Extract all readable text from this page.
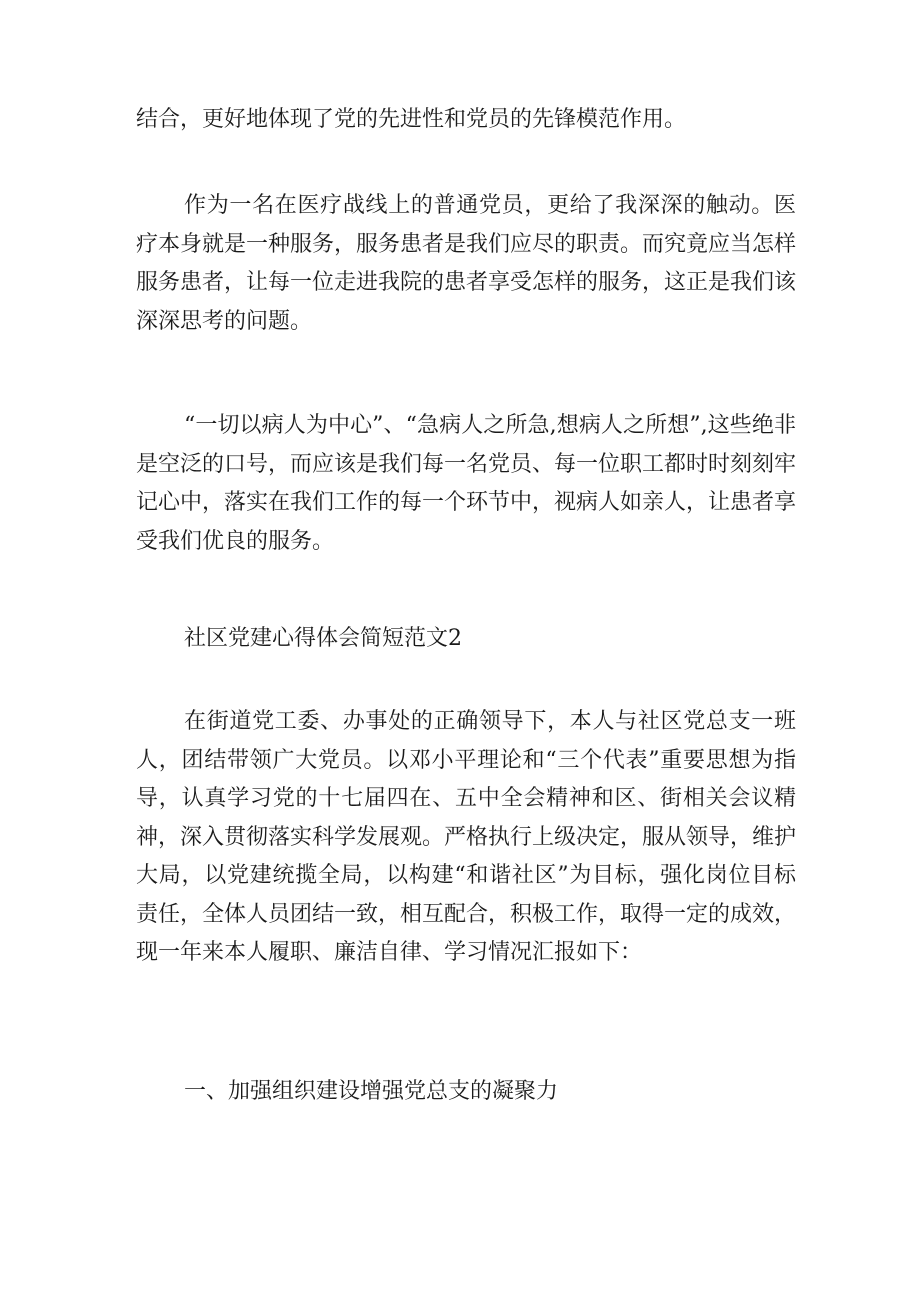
结合，更好地体现了党的先进性和党员的先锋模范作用。

作为一名在医疗战线上的普通党员，更给了我深深的触动。医疗本身就是一种服务，服务患者是我们应尽的职责。而究竟应当怎样服务患者，让每一位走进我院的患者享受怎样的服务，这正是我们该深深思考的问题。

“一切以病人为中心”、“急病人之所急,想病人之所想”,这些绝非是空泛的口号，而应该是我们每一名党员、每一位职工都时时刻刻牢记心中，落实在我们工作的每一个环节中，视病人如亲人，让患者享受我们优良的服务。

社区党建心得体会简短范文2

在街道党工委、办事处的正确领导下，本人与社区党总支一班人，团结带领广大党员。以邓小平理论和“三个代表”重要思想为指导，认真学习党的十七届四在、五中全会精神和区、街相关会议精神，深入贯彻落实科学发展观。严格执行上级决定，服从领导，维护大局，以党建统揽全局，以构建“和谐社区”为目标，强化岗位目标责任，全体人员团结一致，相互配合，积极工作，取得一定的成效，现一年来本人履职、廉洁自律、学习情况汇报如下：

一、加强组织建设增强党总支的凝聚力
